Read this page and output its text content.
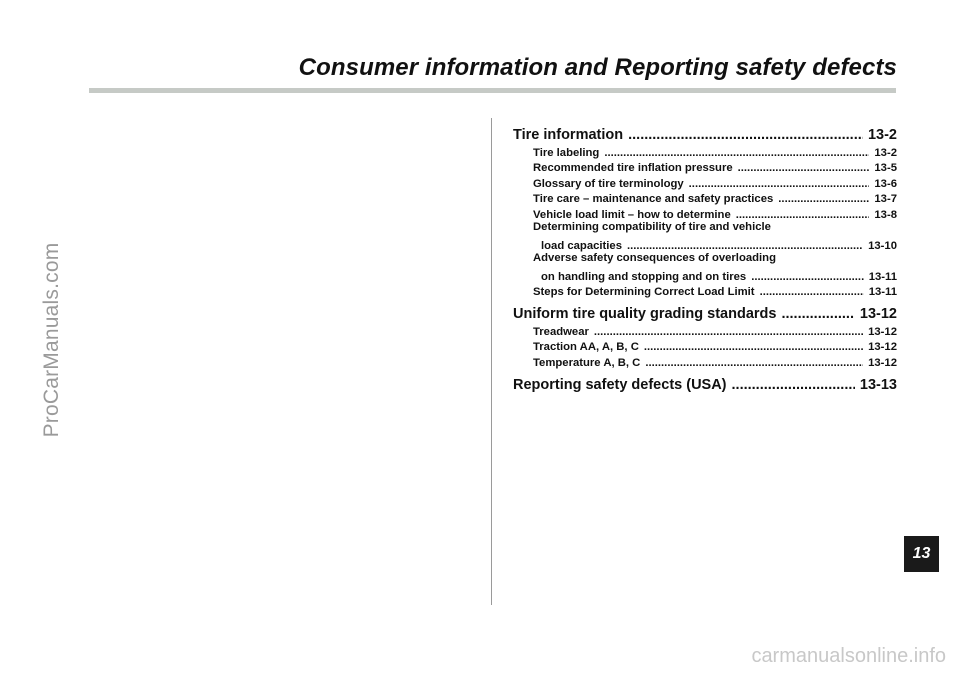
Consumer information and Reporting safety defects
ProCarManuals.com
carmanualsonline.info
Tire information .....	13-2
Tire labeling .....	13-2
Recommended tire inflation pressure .....	13-5
Glossary of tire terminology .....	13-6
Tire care – maintenance and safety practices .....	13-7
Vehicle load limit – how to determine .....	13-8
Determining compatibility of tire and vehicle
load capacities .....	13-10
Adverse safety consequences of overloading
on handling and stopping and on tires .....	13-11
Steps for Determining Correct Load Limit .....	13-11
Uniform tire quality grading standards .....	13-12
Treadwear .....	13-12
Traction AA, A, B, C .....	13-12
Temperature A, B, C .....	13-12
Reporting safety defects (USA) .....	13-13
13
